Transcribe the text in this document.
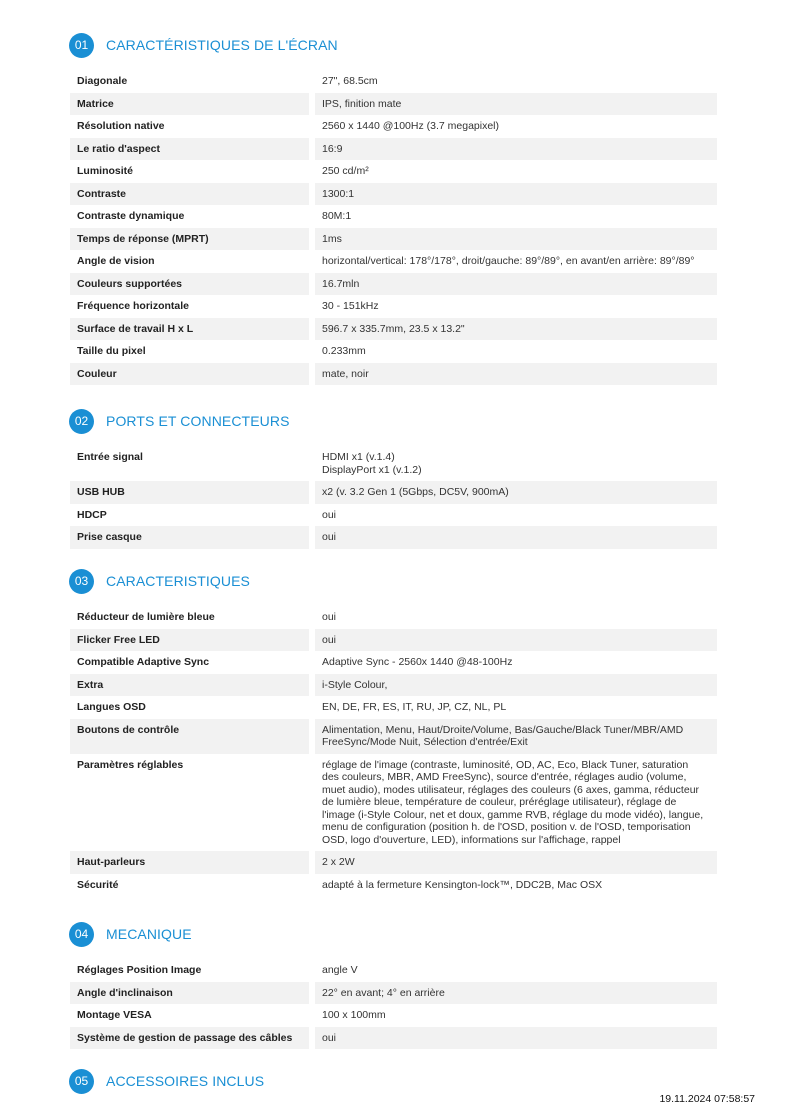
01	CARACTÉRISTIQUES DE L'ÉCRAN
Diagonale	27", 68.5cm
Matrice	IPS, finition mate
Résolution native	2560 x 1440 @100Hz (3.7 megapixel)
Le ratio d'aspect	16:9
Luminosité	250 cd/m²
Contraste	1300:1
Contraste dynamique	80M:1
Temps de réponse (MPRT)	1ms
Angle de vision	horizontal/vertical: 178°/178°, droit/gauche: 89°/89°, en avant/en arrière: 89°/89°
Couleurs supportées	16.7mln
Fréquence horizontale	30 - 151kHz
Surface de travail H x L	596.7 x 335.7mm, 23.5 x 13.2"
Taille du pixel	0.233mm
Couleur	mate, noir
02	PORTS ET CONNECTEURS
Entrée signal	HDMI x1 (v.1.4)
DisplayPort x1 (v.1.2)
USB HUB	x2 (v. 3.2 Gen 1 (5Gbps, DC5V, 900mA)
HDCP	oui
Prise casque	oui
03	CARACTERISTIQUES
Réducteur de lumière bleue	oui
Flicker Free LED	oui
Compatible Adaptive Sync	Adaptive Sync - 2560x 1440 @48-100Hz
Extra	i-Style Colour,
Langues OSD	EN, DE, FR, ES, IT, RU, JP, CZ, NL, PL
Boutons de contrôle	Alimentation, Menu, Haut/Droite/Volume, Bas/Gauche/Black Tuner/MBR/AMD
FreeSync/Mode Nuit, Sélection d'entrée/Exit
Paramètres réglables	réglage de l'image (contraste, luminosité, OD, AC, Eco, Black Tuner, saturation
des couleurs, MBR, AMD FreeSync), source d'entrée, réglages audio (volume,
muet audio), modes utilisateur, réglages des couleurs (6 axes, gamma, réducteur
de lumière bleue, température de couleur, préréglage utilisateur), réglage de
l'image (i-Style Colour, net et doux, gamme RVB, réglage du mode vidéo), langue,
menu de configuration (position h. de l'OSD, position v. de l'OSD, temporisation
OSD, logo d'ouverture, LED), informations sur l'affichage, rappel
Haut-parleurs	2 x 2W
Sécurité	adapté à la fermeture Kensington-lock™, DDC2B, Mac OSX
04	MECANIQUE
Réglages Position Image	angle V
Angle d'inclinaison	22° en avant; 4° en arrière
Montage VESA	100 x 100mm
Système de gestion de passage des câbles	oui
05	ACCESSOIRES INCLUS
19.11.2024 07:58:57
